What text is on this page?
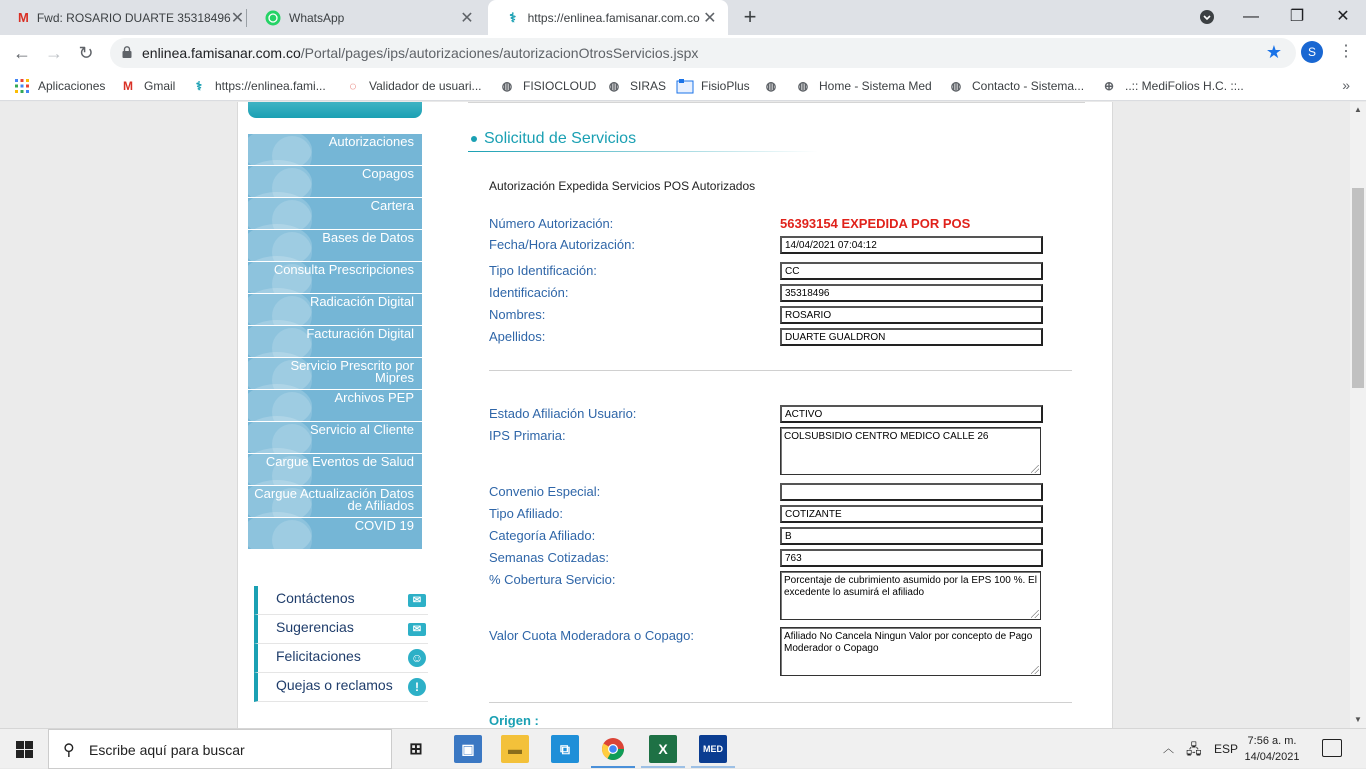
M Fwd: ROSARIO DUARTE 35318496 ✕	WhatsApp	✕	⚕ https://enlinea.famisanar.com.co ✕ +	—	❐	✕
← → ↻	enlinea.famisanar.com.co/Portal/pages/ips/autorizaciones/autorizacionOtrosServicios.jspx	★	S	⋮
Aplicaciones M Gmail	⚕	https://enlinea.fami...	◌	Validador de usuari... ◍ FISIOCLOUD ◍ SIRAS	FisioPlus ◍ ◍ Home - Sistema Med ◍ Contacto - Sistema... ⊕ ..:: MediFolios H.C. ::..	»
Autorizaciones
Copagos
Cartera
Bases de Datos
Consulta Prescripciones
Radicación Digital
Facturación Digital
Servicio Prescrito por Mipres
Archivos PEP
Servicio al Cliente
Cargue Eventos de Salud
Cargue Actualización Datos de Afiliados
COVID 19
Contáctenos	✉
Sugerencias	✉
Felicitaciones	☺
Quejas o reclamos	!
Solicitud de Servicios
Autorización Expedida Servicios POS Autorizados
Número Autorización:	56393154 EXPEDIDA POR POS
Fecha/Hora Autorización:	14/04/2021 07:04:12
Tipo Identificación:	CC
Identificación:	35318496
Nombres:	ROSARIO
Apellidos:	DUARTE GUALDRON
Estado Afiliación Usuario:	ACTIVO
IPS Primaria:	COLSUBSIDIO CENTRO MEDICO CALLE 26
Convenio Especial:
Tipo Afiliado:	COTIZANTE
Categoría Afiliado:	B
Semanas Cotizadas:	763
% Cobertura Servicio:	Porcentaje de cubrimiento asumido por la EPS 100 %. El excedente lo asumirá el afiliado
Valor Cuota Moderadora o Copago:	Afiliado No Cancela Ningun Valor por concepto de Pago Moderador o Copago
Origen :
▲
▼
⚲ Escribe aquí para buscar	⊞	▣	▬	⧉	X	MED	︿ 🖧 ESP
7:56 a. m.
14/04/2021
